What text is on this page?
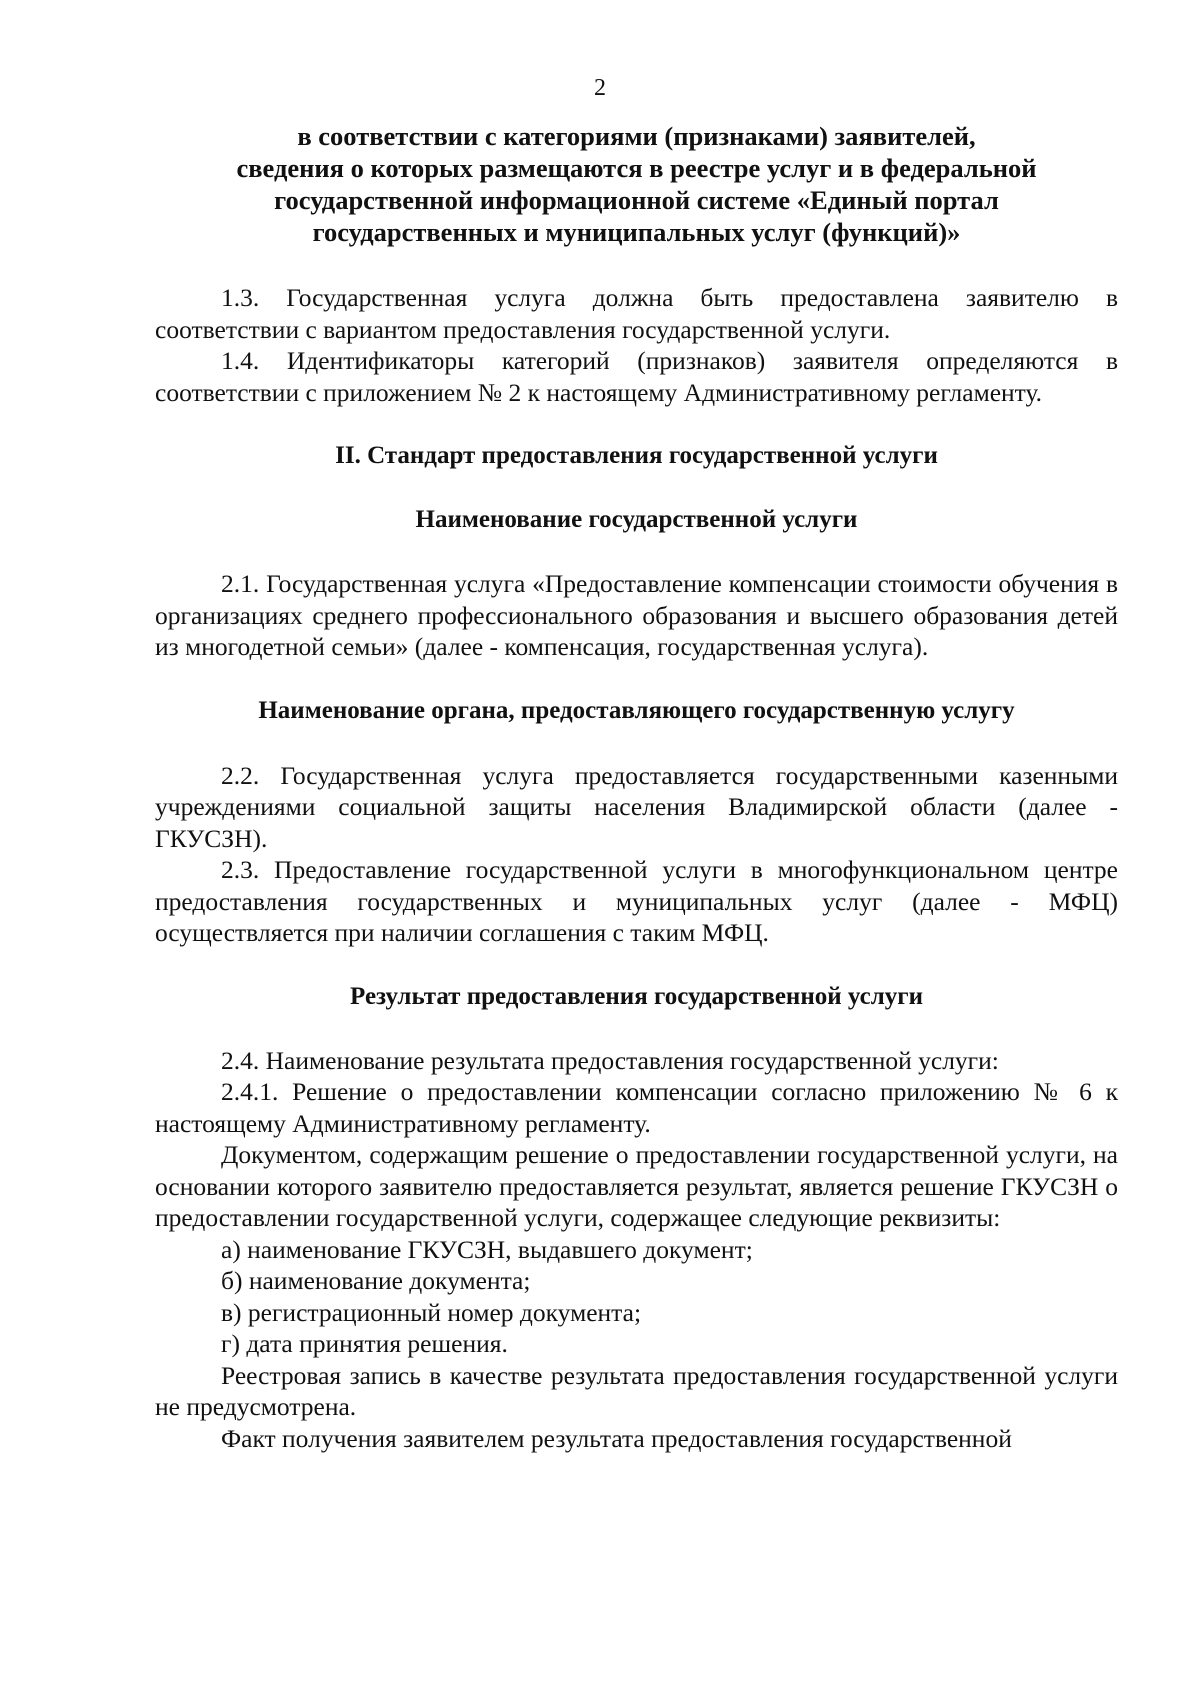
2
в соответствии с категориями (признаками) заявителей,
сведения о которых размещаются в реестре услуг и в федеральной
государственной информационной системе «Единый портал
государственных и муниципальных услуг (функций)»

1.3. Государственная услуга должна быть предоставлена заявителю в соответствии с вариантом предоставления государственной услуги.

1.4. Идентификаторы категорий (признаков) заявителя определяются в соответствии с приложением № 2 к настоящему Административному регламенту.

II. Стандарт предоставления государственной услуги
Наименование государственной услуги

2.1. Государственная услуга «Предоставление компенсации стоимости обучения в организациях среднего профессионального образования и высшего образования детей из многодетной семьи» (далее - компенсация, государственная услуга).

Наименование органа, предоставляющего государственную услугу

2.2. Государственная услуга предоставляется государственными казенными учреждениями социальной защиты населения Владимирской области (далее - ГКУСЗН).

2.3. Предоставление государственной услуги в многофункциональном центре предоставления государственных и муниципальных услуг (далее - МФЦ) осуществляется при наличии соглашения с таким МФЦ.

Результат предоставления государственной услуги

2.4. Наименование результата предоставления государственной услуги:

2.4.1. Решение о предоставлении компенсации согласно приложению № 6 к настоящему Административному регламенту.

Документом, содержащим решение о предоставлении государственной услуги, на основании которого заявителю предоставляется результат, является решение ГКУСЗН о предоставлении государственной услуги, содержащее следующие реквизиты:

а) наименование ГКУСЗН, выдавшего документ;

б) наименование документа;

в) регистрационный номер документа;

г) дата принятия решения.

Реестровая запись в качестве результата предоставления государственной услуги не предусмотрена.

Факт получения заявителем результата предоставления государственной
